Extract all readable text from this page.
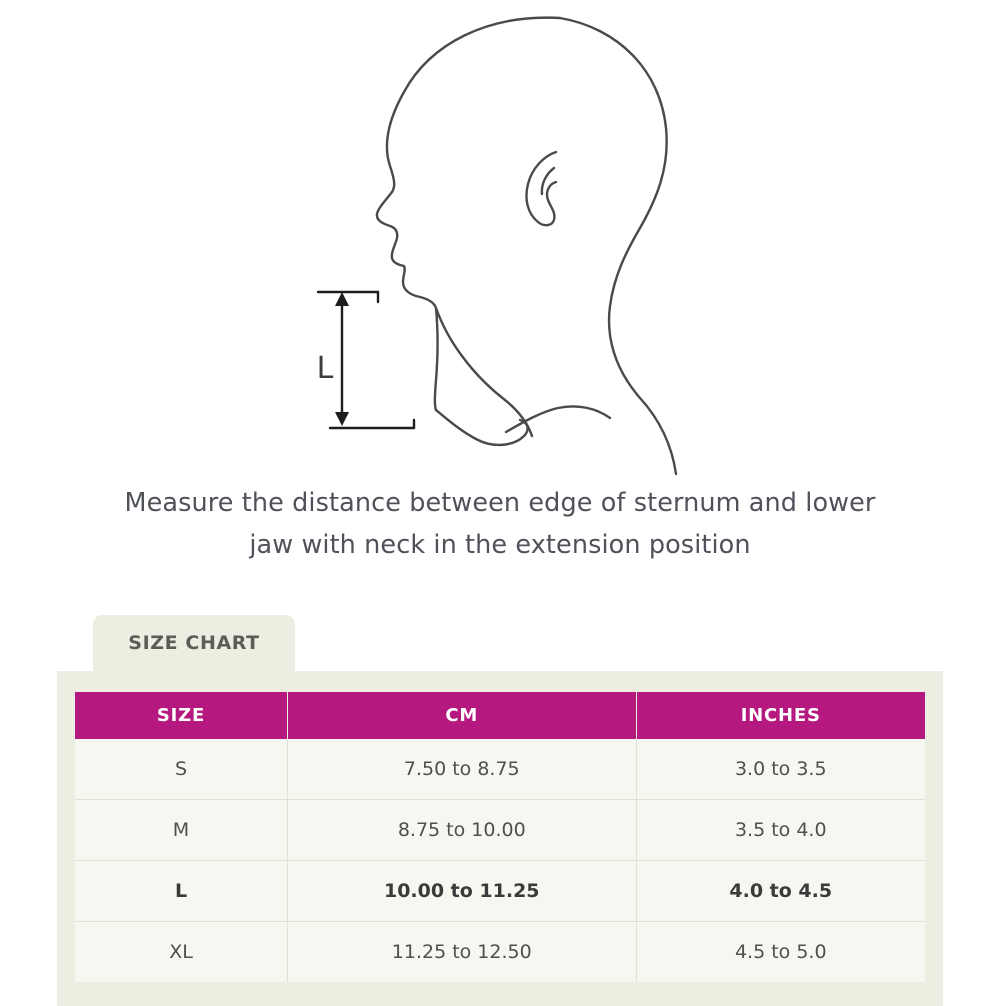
L
Measure the distance between edge of sternum and lower
jaw with neck in the extension position
SIZE CHART
SIZE	CM	INCHES
S	7.50 to 8.75	3.0 to 3.5
M	8.75 to 10.00	3.5 to 4.0
L	10.00 to 11.25	4.0 to 4.5
XL	11.25 to 12.50	4.5 to 5.0
